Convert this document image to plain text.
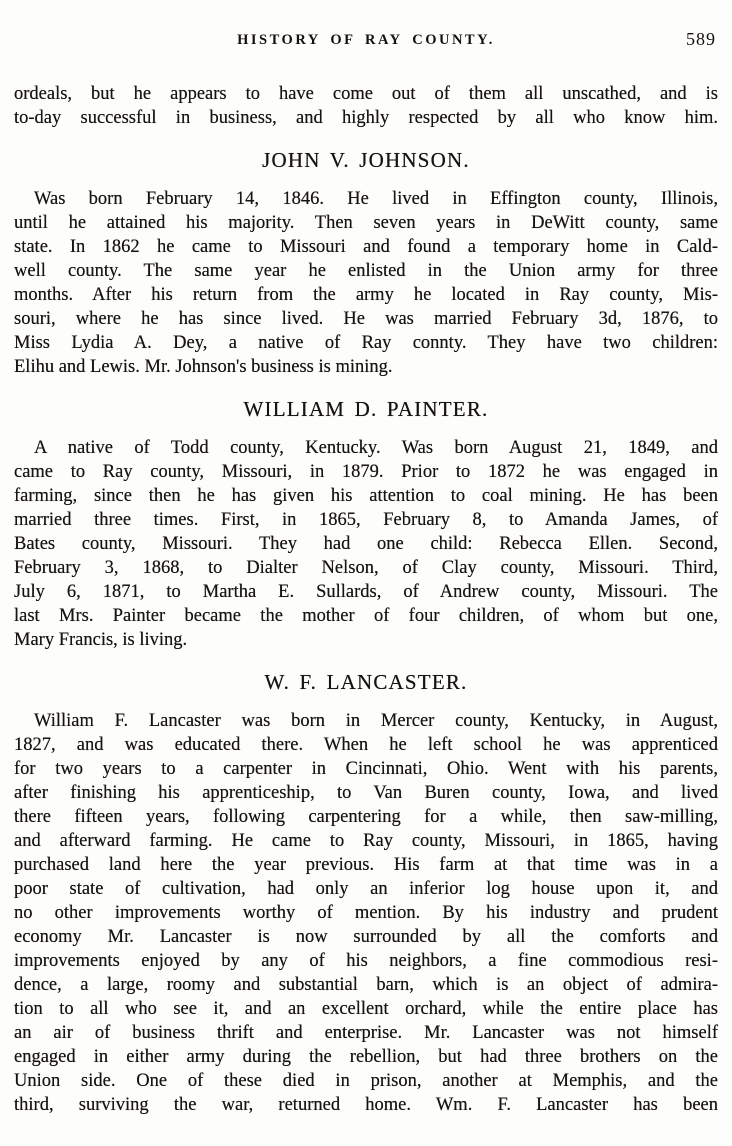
HISTORY OF RAY COUNTY.	589
ordeals, but he appears to have come out of them all unscathed, and is
to-day successful in business, and highly respected by all who know him.
JOHN V. JOHNSON.
Was born February 14, 1846. He lived in Effington county, Illinois,
until he attained his majority. Then seven years in DeWitt county, same
state. In 1862 he came to Missouri and found a temporary home in Cald-
well county. The same year he enlisted in the Union army for three
months. After his return from the army he located in Ray county, Mis-
souri, where he has since lived. He was married February 3d, 1876, to
Miss Lydia A. Dey, a native of Ray connty. They have two children:
Elihu and Lewis. Mr. Johnson's business is mining.
WILLIAM D. PAINTER.
A native of Todd county, Kentucky. Was born August 21, 1849, and
came to Ray county, Missouri, in 1879. Prior to 1872 he was engaged in
farming, since then he has given his attention to coal mining. He has been
married three times. First, in 1865, February 8, to Amanda James, of
Bates county, Missouri. They had one child: Rebecca Ellen. Second,
February 3, 1868, to Dialter Nelson, of Clay county, Missouri. Third,
July 6, 1871, to Martha E. Sullards, of Andrew county, Missouri. The
last Mrs. Painter became the mother of four children, of whom but one,
Mary Francis, is living.
W. F. LANCASTER.
William F. Lancaster was born in Mercer county, Kentucky, in August,
1827, and was educated there. When he left school he was apprenticed
for two years to a carpenter in Cincinnati, Ohio. Went with his parents,
after finishing his apprenticeship, to Van Buren county, Iowa, and lived
there fifteen years, following carpentering for a while, then saw-milling,
and afterward farming. He came to Ray county, Missouri, in 1865, having
purchased land here the year previous. His farm at that time was in a
poor state of cultivation, had only an inferior log house upon it, and
no other improvements worthy of mention. By his industry and prudent
economy Mr. Lancaster is now surrounded by all the comforts and
improvements enjoyed by any of his neighbors, a fine commodious resi-
dence, a large, roomy and substantial barn, which is an object of admira-
tion to all who see it, and an excellent orchard, while the entire place has
an air of business thrift and enterprise. Mr. Lancaster was not himself
engaged in either army during the rebellion, but had three brothers on the
Union side. One of these died in prison, another at Memphis, and the
third, surviving the war, returned home. Wm. F. Lancaster has been
